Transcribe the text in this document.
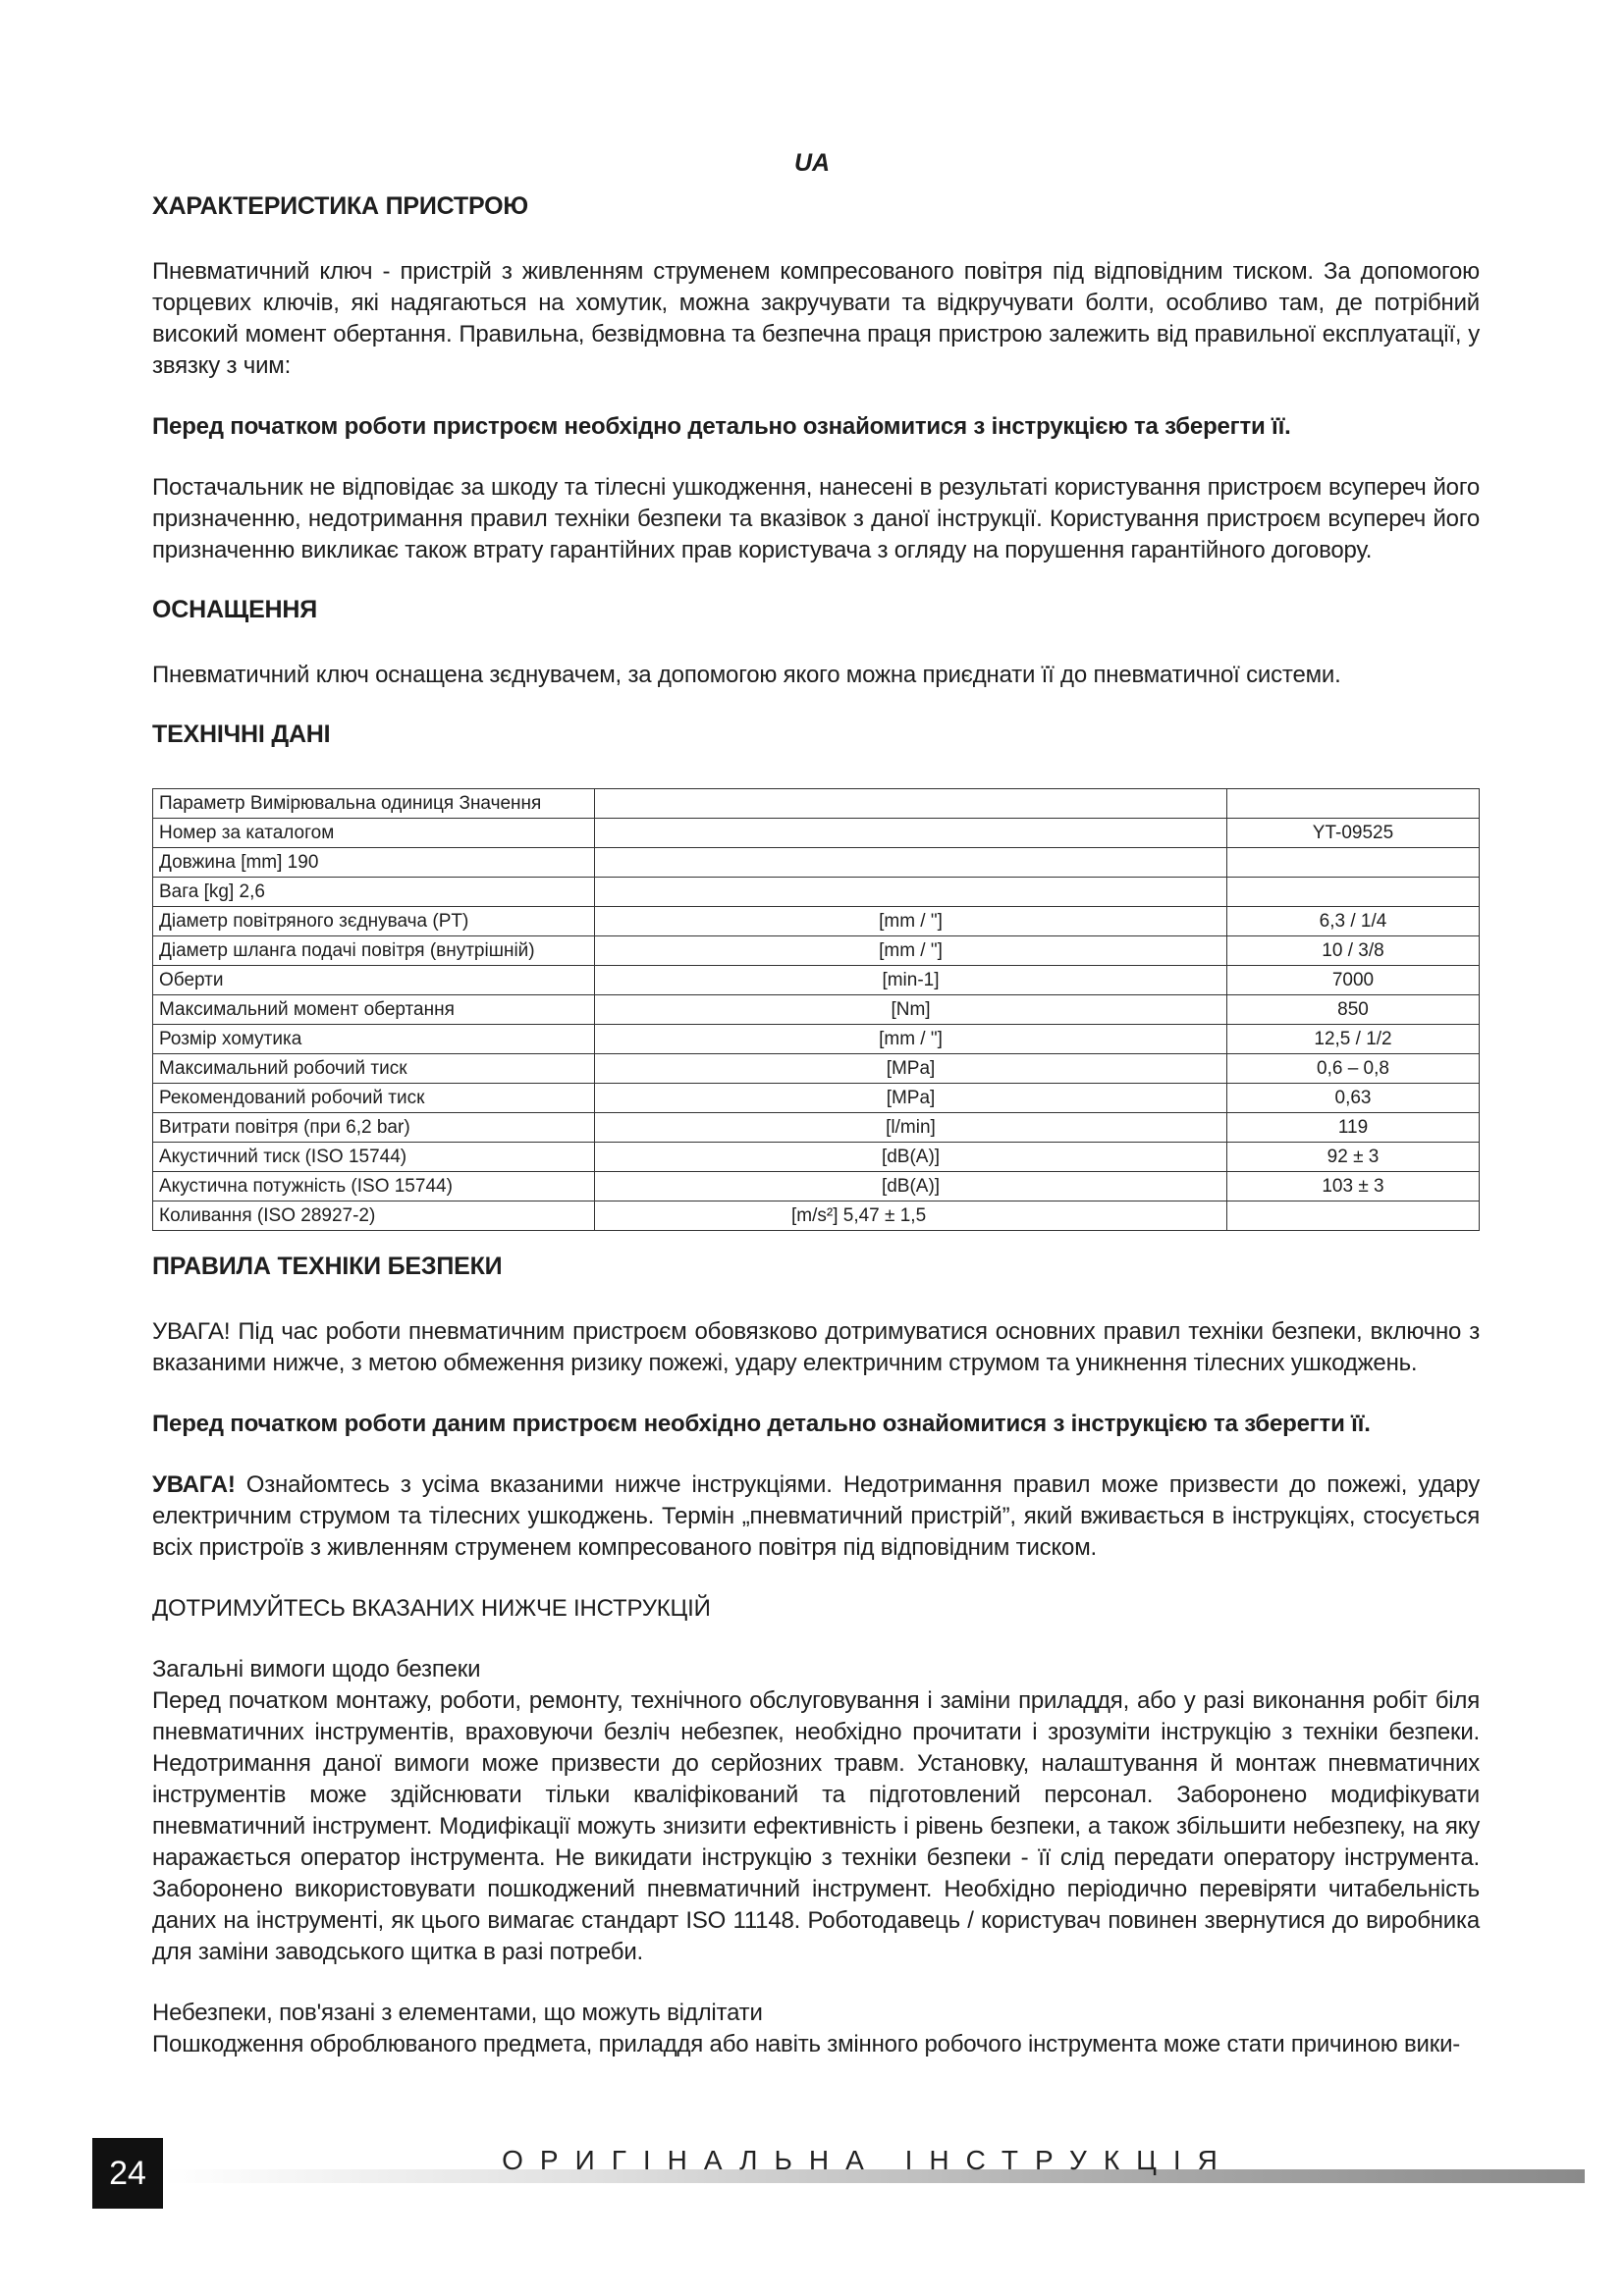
UA
ХАРАКТЕРИСТИКА ПРИСТРОЮ

Пневматичний ключ - пристрій з живленням струменем компресованого повітря під відповідним тиском. За допомогою торцевих ключів, які надягаються на хомутик, можна закручувати та відкручувати болти, особливо там, де потрібний високий момент обертання. Правильна, безвідмовна та безпечна праця пристрою залежить від правильної експлуатації, у звязку з чим:

Перед початком роботи пристроєм необхідно детально ознайомитися з інструкцією та зберегти її.

Постачальник не відповідає за шкоду та тілесні ушкодження, нанесені в результаті користування пристроєм всупереч його призначенню, недотримання правил техніки безпеки та вказівок з даної інструкції. Користування пристроєм всупереч його призначенню викликає також втрату гарантійних прав користувача з огляду на порушення гарантійного договору.

ОСНАЩЕННЯ

Пневматичний ключ оснащена зєднувачем, за допомогою якого можна приєднати її до пневматичної системи.

ТЕХНІЧНІ ДАНІ
Параметр Вимірювальна одиниця Значення		
Номер за каталогом		YT-09525
Довжина [mm] 190		
Вага [kg] 2,6		
Діаметр повітряного зєднувача (PT)	[mm / "]	6,3 / 1/4
Діаметр шланга подачі повітря (внутрішній)	[mm / "]	10 / 3/8
Оберти	[min-1]	7000
Максимальний момент обертання	[Nm]	850
Розмір хомутика	[mm / "]	12,5 / 1/2
Максимальний робочий тиск	[MPa]	0,6 – 0,8
Рекомендований робочий тиск	[MPa]	0,63
Витрати повітря (при 6,2 bar)	[l/min]	119
Акустичний тиск (ISO 15744)	[dB(A)]	92 ± 3
Акустична потужність (ISO 15744)	[dB(A)]	103 ± 3
Коливання (ISO 28927-2)	[m/s²] 5,47 ± 1,5	
ПРАВИЛА ТЕХНІКИ БЕЗПЕКИ

УВАГА! Під час роботи пневматичним пристроєм обовязково дотримуватися основних правил техніки безпеки, включно з вказаними нижче, з метою обмеження ризику пожежі, удару електричним струмом та уникнення тілесних ушкоджень.

Перед початком роботи даним пристроєм необхідно детально ознайомитися з інструкцією та зберегти її.

УВАГА! Ознайомтесь з усіма вказаними нижче інструкціями. Недотримання правил може призвести до пожежі, удару електричним струмом та тілесних ушкоджень. Термін „пневматичний пристрій”, який вживається в інструкціях, стосується всіх пристроїв з живленням струменем компресованого повітря під відповідним тиском.

ДОТРИМУЙТЕСЬ ВКАЗАНИХ НИЖЧЕ ІНСТРУКЦІЙ

Загальні вимоги щодо безпеки

Перед початком монтажу, роботи, ремонту, технічного обслуговування і заміни приладдя, або у разі виконання робіт біля пневматичних інструментів, враховуючи безліч небезпек, необхідно прочитати і зрозуміти інструкцію з техніки безпеки. Недотримання даної вимоги може призвести до серйозних травм. Установку, налаштування й монтаж пневматичних інструментів може здійснювати тільки кваліфікований та підготовлений персонал. Заборонено модифікувати пневматичний інструмент. Модифікації можуть знизити ефективність і рівень безпеки, а також збільшити небезпеку, на яку наражається оператор інструмента. Не викидати інструкцію з техніки безпеки - її слід передати оператору інструмента. Заборонено використовувати пошкоджений пневматичний інструмент. Необхідно періодично перевіряти читабельність даних на інструменті, як цього вимагає стандарт ISO 11148. Роботодавець / користувач повинен звернутися до виробника для заміни заводського щитка в разі потреби.

Небезпеки, пов'язані з елементами, що можуть відлітати

Пошкодження оброблюваного предмета, приладдя або навіть змінного робочого інструмента може стати причиною вики-

ОРИГІНАЛЬНА ІНСТРУКЦІЯ
24
